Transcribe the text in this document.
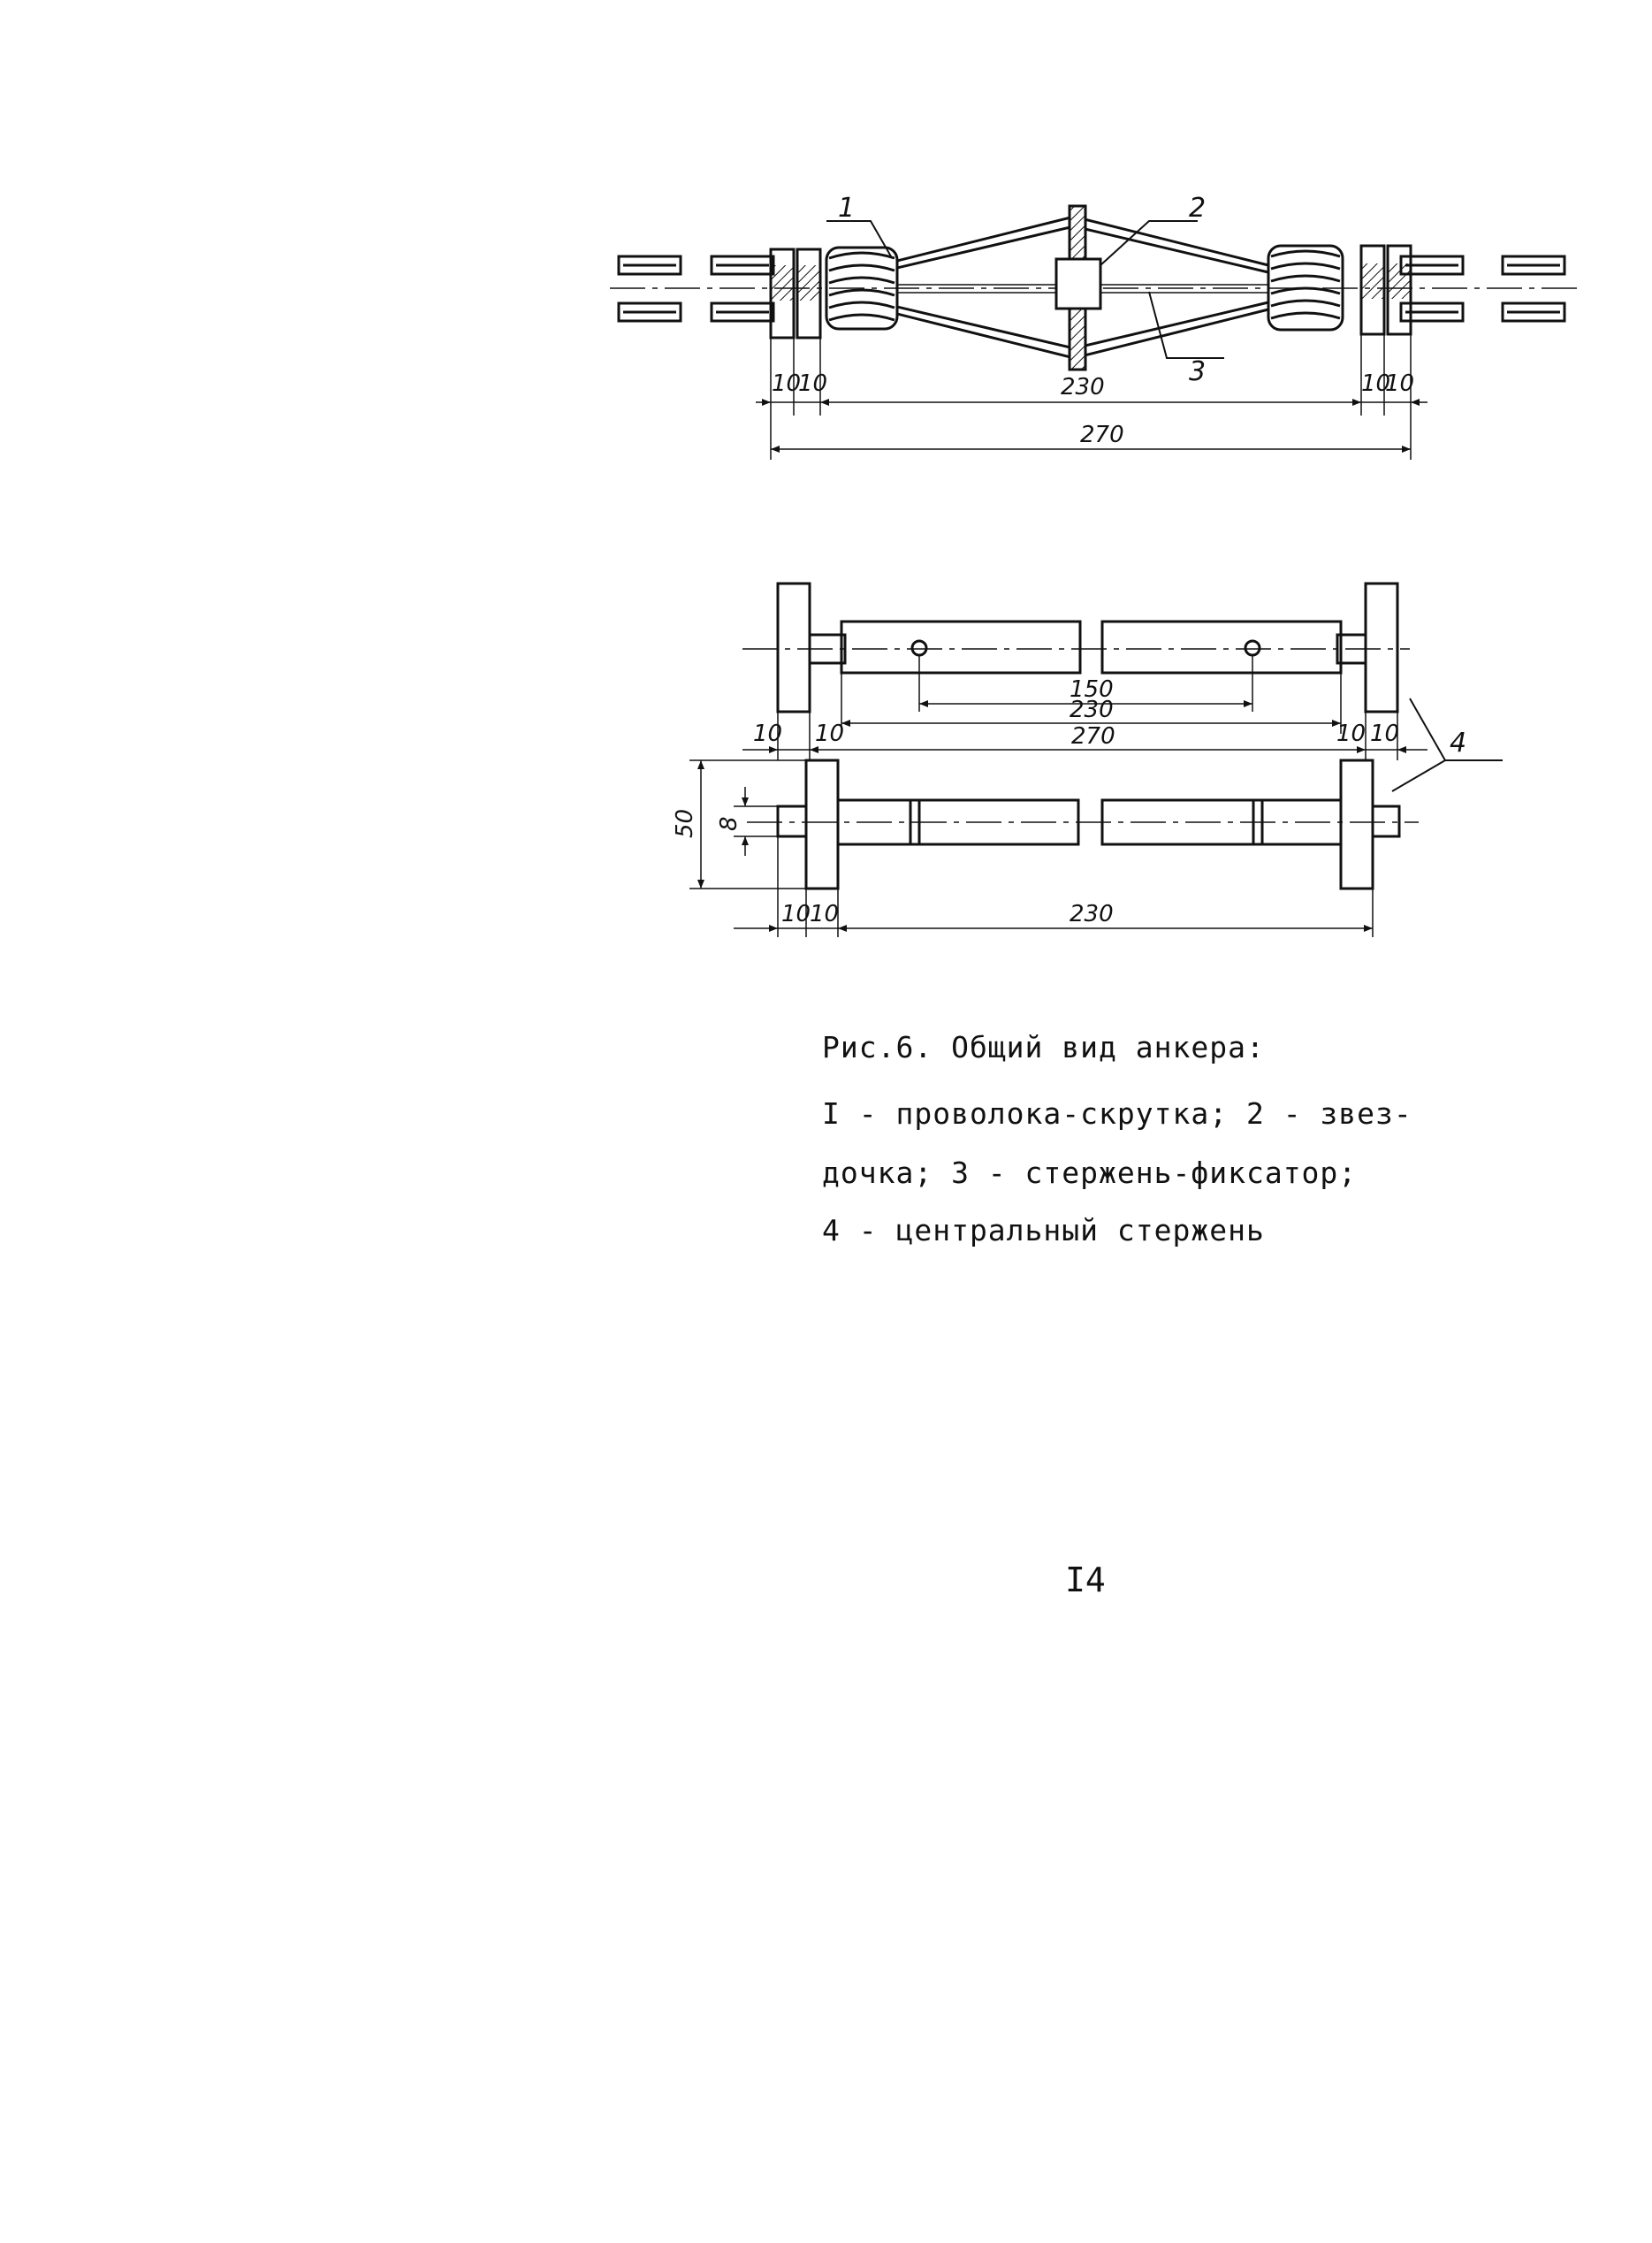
1	2
3
10
10	230	10
10
270
150
230
10 10	270	10 10 4
50 8
10
10	230
Рис.6. Общий вид анкера:
I - проволока-скрутка; 2 - звез-
дочка; 3 - стержень-фиксатор;
4 - центральный стержень
I4
